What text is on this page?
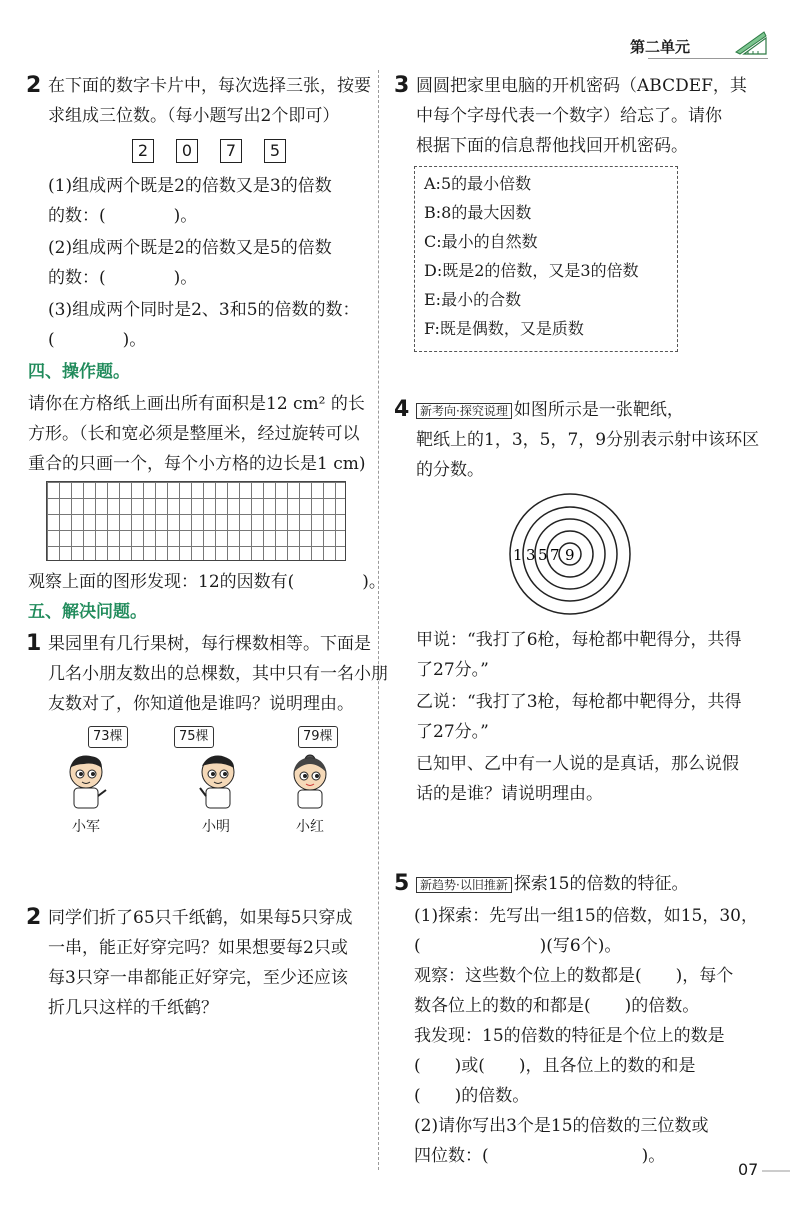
第二单元
2 在下面的数字卡片中，每次选择三张，按要
求组成三位数。（每小题写出2个即可）
2	0	7	5
(1)组成两个既是2的倍数又是3的倍数
的数：(　　　　)。
(2)组成两个既是2的倍数又是5的倍数
的数：(　　　　)。
(3)组成两个同时是2、3和5的倍数的数：
(　　　　)。
四、操作题。
请你在方格纸上画出所有面积是12 cm² 的长
方形。（长和宽必须是整厘米，经过旋转可以
重合的只画一个，每个小方格的边长是1 cm)
观察上面的图形发现：12的因数有(　　　　)。
五、解决问题。
1 果园里有几行果树，每行棵数相等。下面是
几名小朋友数出的总棵数，其中只有一名小朋
友数对了，你知道他是谁吗？说明理由。
73棵	75棵	79棵
小军	小明	小红
2 同学们折了65只千纸鹤，如果每5只穿成
一串，能正好穿完吗？如果想要每2只或
每3只穿一串都能正好穿完，至少还应该
折几只这样的千纸鹤？
3 圆圆把家里电脑的开机密码（ABCDEF，其
中每个字母代表一个数字）给忘了。请你
根据下面的信息帮他找回开机密码。
A:5的最小倍数
B:8的最大因数
C:最小的自然数
D:既是2的倍数，又是3的倍数
E:最小的合数
F:既是偶数，又是质数
4 新考向·探究说理 如图所示是一张靶纸，
靶纸上的1，3，5，7，9分别表示射中该环区
的分数。
1 3 5 7 9
甲说：“我打了6枪，每枪都中靶得分，共得
了27分。”
乙说：“我打了3枪，每枪都中靶得分，共得
了27分。”
已知甲、乙中有一人说的是真话，那么说假
话的是谁？请说明理由。
5 新趋势·以旧推新 探索15的倍数的特征。
(1)探索：先写出一组15的倍数，如15，30，
(　　　　　　　)(写6个)。
观察：这些数个位上的数都是(　　)，每个
数各位上的数的和都是(　　)的倍数。
我发现：15的倍数的特征是个位上的数是
(　　)或(　　)，且各位上的数的和是
(　　)的倍数。
(2)请你写出3个是15的倍数的三位数或
四位数：(　　　　　　　　　)。
07
